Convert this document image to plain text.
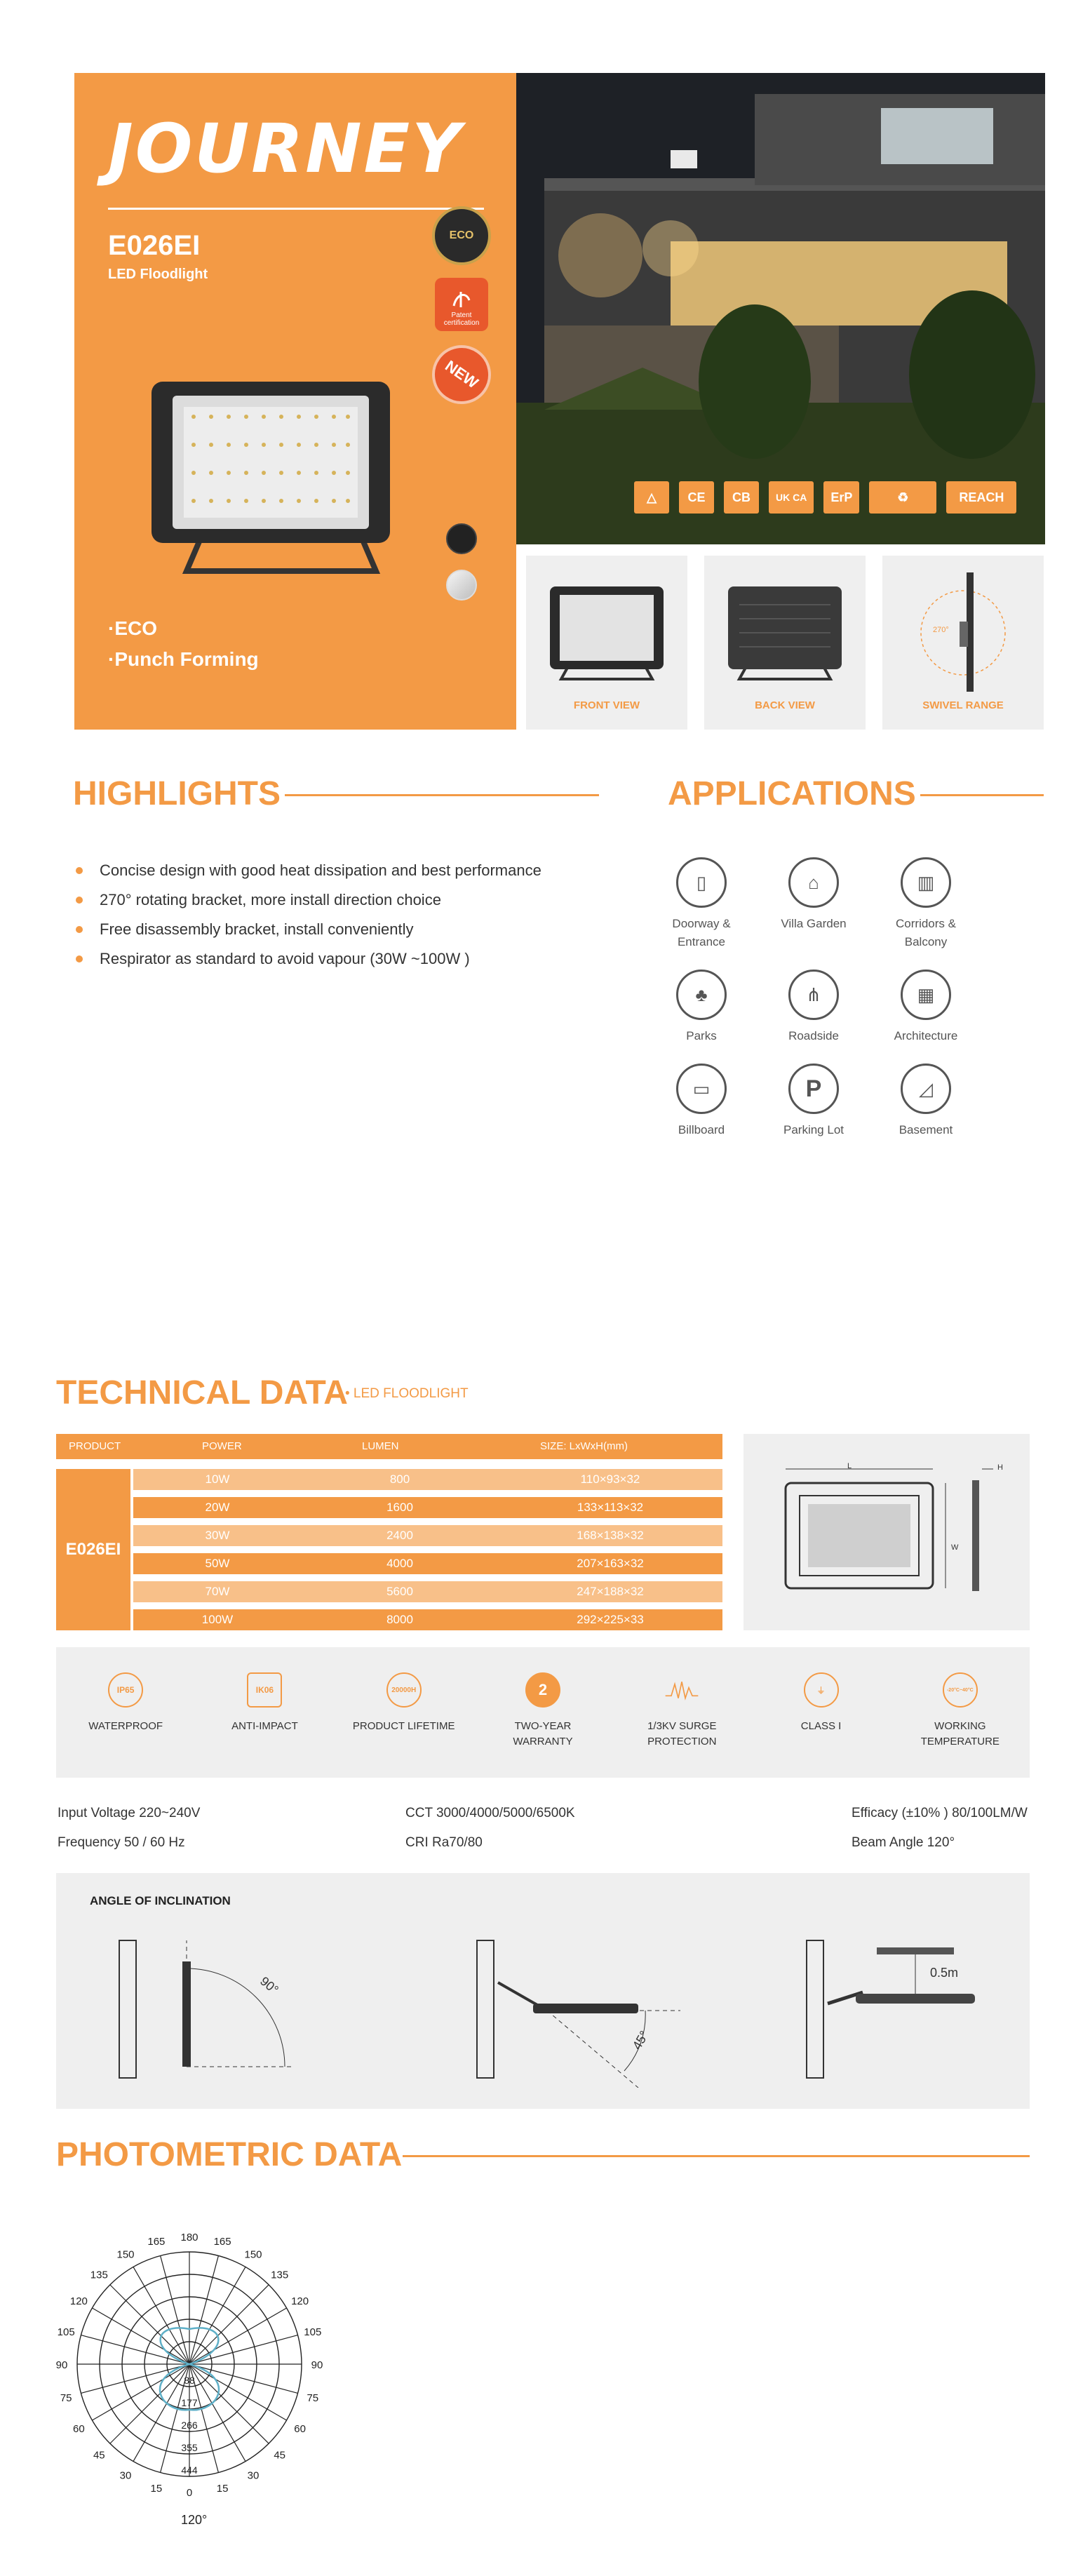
JOURNEY
E026EI
LED Floodlight
ECO
Patent certification
NEW
·ECO
·Punch Forming
△	CE	CB	UK CA	ErP	♻	REACH
FRONT VIEW	BACK VIEW
270°
SWIVEL RANGE
HIGHLIGHTS
Concise design with good heat dissipation and best performance
270° rotating bracket, more install direction choice
Free disassembly bracket, install conveniently
Respirator as standard to avoid vapour (30W ~100W )
APPLICATIONS
▯
Doorway & Entrance
⌂
Villa Garden
▥
Corridors & Balcony
♣
Parks
⋔
Roadside
▦
Architecture
▭
Billboard
P
Parking Lot
◿
Basement
TECHNICAL DATA
• LED FLOODLIGHT
PRODUCT	POWER	LUMEN	SIZE: LxWxH(mm)
E026EI
10W	800	110×93×32
20W	1600	133×113×32
30W	2400	168×138×32
50W	4000	207×163×32
70W	5600	247×188×32
100W	8000	292×225×33
L
W
H
IP65
WATERPROOF
IK06
ANTI-IMPACT
20000H
PRODUCT LIFETIME
2
TWO-YEAR WARRANTY
1/3KV SURGE PROTECTION
⏚
CLASS I
-20°C~40°C
WORKING TEMPERATURE
Input Voltage 220~240V
Frequency 50 / 60 Hz
CCT 3000/4000/5000/6500K
CRI Ra70/80
Efficacy (±10% ) 80/100LM/W
Beam Angle 120°
ANGLE OF INCLINATION
90°
45°
0.5m
PHOTOMETRIC DATA
180 165
165
150
150
135
135
120
120
105
105
90
90
75
75
60
60
45
45
30
30
15
15 0
88
177
266
355
444
120°
